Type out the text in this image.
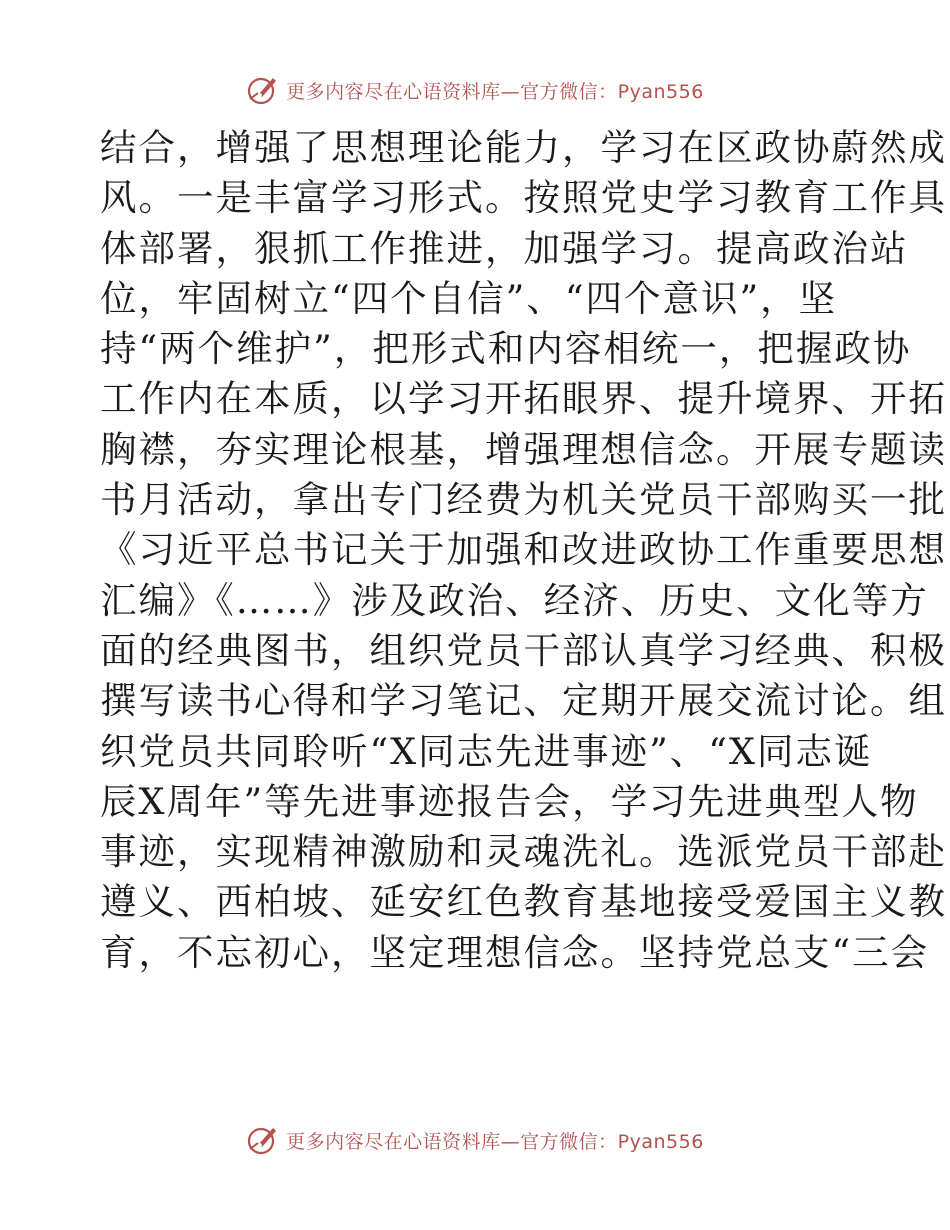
更多内容尽在心语资料库—官方微信：Pyan556
结合，增强了思想理论能力，学习在区政协蔚然成
风。一是丰富学习形式。按照党史学习教育工作具
体部署，狠抓工作推进，加强学习。提高政治站
位，牢固树立“四个自信”、“四个意识”，坚
持“两个维护”，把形式和内容相统一，把握政协
工作内在本质，以学习开拓眼界、提升境界、开拓
胸襟，夯实理论根基，增强理想信念。开展专题读
书月活动，拿出专门经费为机关党员干部购买一批
《习近平总书记关于加强和改进政协工作重要思想
汇编》《……》涉及政治、经济、历史、文化等方
面的经典图书，组织党员干部认真学习经典、积极
撰写读书心得和学习笔记、定期开展交流讨论。组
织党员共同聆听“X同志先进事迹”、“X同志诞
辰X周年”等先进事迹报告会，学习先进典型人物
事迹，实现精神激励和灵魂洗礼。选派党员干部赴
遵义、西柏坡、延安红色教育基地接受爱国主义教
育，不忘初心，坚定理想信念。坚持党总支“三会
更多内容尽在心语资料库—官方微信：Pyan556
